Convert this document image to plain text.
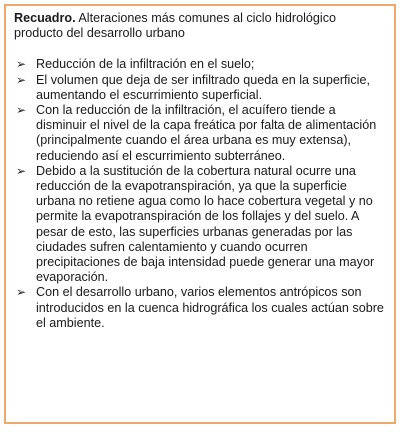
Recuadro. Alteraciones más comunes al ciclo hidrológico producto del desarrollo urbano

➢ Reducción de la infiltración en el suelo;
➢ El volumen que deja de ser infiltrado queda en la superficie, aumentando el escurrimiento superficial.
➢ Con la reducción de la infiltración, el acuífero tiende a disminuir el nivel de la capa freática por falta de alimentación (principalmente cuando el área urbana es muy extensa), reduciendo así el escurrimiento subterráneo.
➢ Debido a la sustitución de la cobertura natural ocurre una reducción de la evapotranspiración, ya que la superficie urbana no retiene agua como lo hace cobertura vegetal y no permite la evapotranspiración de los follajes y del suelo. A pesar de esto, las superficies urbanas generadas por las ciudades sufren calentamiento y cuando ocurren precipitaciones de baja intensidad puede generar una mayor evaporación.
➢ Con el desarrollo urbano, varios elementos antrópicos son introducidos en la cuenca hidrográfica los cuales actúan sobre el ambiente.
